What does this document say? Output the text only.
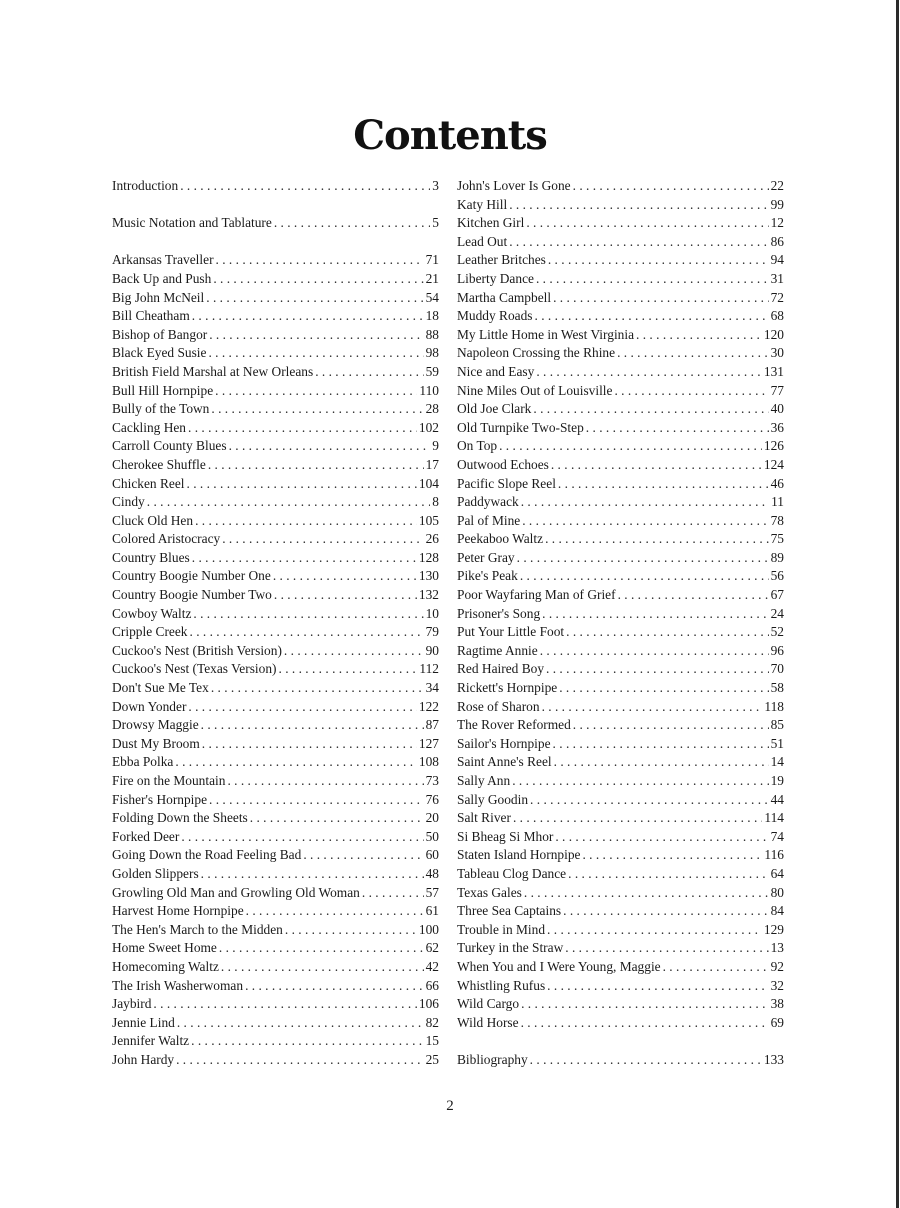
Contents
Introduction . . .	3
Music Notation and Tablature . . .	5
Arkansas Traveller . . .	71
Back Up and Push . . .	21
Big John McNeil . . .	54
Bill Cheatham . . .	18
Bishop of Bangor . . .	88
Black Eyed Susie . . .	98
British Field Marshal at New Orleans . . .	59
Bull Hill Hornpipe . . .	110
Bully of the Town . . .	28
Cackling Hen . . .	102
Carroll County Blues . . .	9
Cherokee Shuffle . . .	17
Chicken Reel . . .	104
Cindy . . .	8
Cluck Old Hen . . .	105
Colored Aristocracy . . .	26
Country Blues . . .	128
Country Boogie Number One . . .	130
Country Boogie Number Two . . .	132
Cowboy Waltz . . .	10
Cripple Creek . . .	79
Cuckoo's Nest (British Version) . . .	90
Cuckoo's Nest (Texas Version) . . .	112
Don't Sue Me Tex . . .	34
Down Yonder . . .	122
Drowsy Maggie . . .	87
Dust My Broom . . .	127
Ebba Polka . . .	108
Fire on the Mountain . . .	73
Fisher's Hornpipe . . .	76
Folding Down the Sheets . . .	20
Forked Deer . . .	50
Going Down the Road Feeling Bad . . .	60
Golden Slippers . . .	48
Growling Old Man and Growling Old Woman . . .	57
Harvest Home Hornpipe . . .	61
The Hen's March to the Midden . . .	100
Home Sweet Home . . .	62
Homecoming Waltz . . .	42
The Irish Washerwoman . . .	66
Jaybird . . .	106
Jennie Lind . . .	82
Jennifer Waltz . . .	15
John Hardy . . .	25
John's Lover Is Gone . . .	22
Katy Hill . . .	99
Kitchen Girl . . .	12
Lead Out . . .	86
Leather Britches . . .	94
Liberty Dance . . .	31
Martha Campbell . . .	72
Muddy Roads . . .	68
My Little Home in West Virginia . . .	120
Napoleon Crossing the Rhine . . .	30
Nice and Easy . . .	131
Nine Miles Out of Louisville . . .	77
Old Joe Clark . . .	40
Old Turnpike Two-Step . . .	36
On Top . . .	126
Outwood Echoes . . .	124
Pacific Slope Reel . . .	46
Paddywack . . .	11
Pal of Mine . . .	78
Peekaboo Waltz . . .	75
Peter Gray . . .	89
Pike's Peak . . .	56
Poor Wayfaring Man of Grief . . .	67
Prisoner's Song . . .	24
Put Your Little Foot . . .	52
Ragtime Annie . . .	96
Red Haired Boy . . .	70
Rickett's Hornpipe . . .	58
Rose of Sharon . . .	118
The Rover Reformed . . .	85
Sailor's Hornpipe . . .	51
Saint Anne's Reel . . .	14
Sally Ann . . .	19
Sally Goodin . . .	44
Salt River . . .	114
Si Bheag Si Mhor . . .	74
Staten Island Hornpipe . . .	116
Tableau Clog Dance . . .	64
Texas Gales . . .	80
Three Sea Captains . . .	84
Trouble in Mind . . .	129
Turkey in the Straw . . .	13
When You and I Were Young, Maggie . . .	92
Whistling Rufus . . .	32
Wild Cargo . . .	38
Wild Horse . . .	69
Bibliography . . .	133
2
